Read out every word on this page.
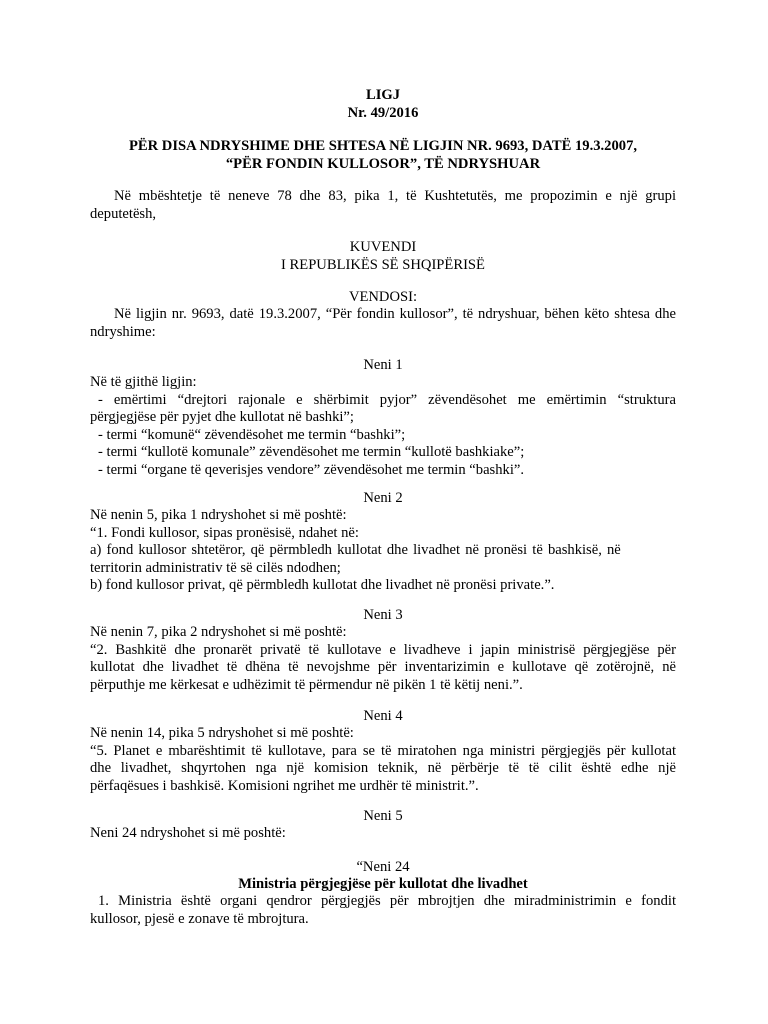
LIGJ
Nr. 49/2016
PËR DISA NDRYSHIME DHE SHTESA NË LIGJIN NR. 9693, DATË 19.3.2007,
“PËR FONDIN KULLOSOR”, TË NDRYSHUAR
Në mbështetje të neneve 78 dhe 83, pika 1, të Kushtetutës, me propozimin e një grupi
deputetësh,
KUVENDI
I REPUBLIKËS SË SHQIPËRISË
VENDOSI:
Në ligjin nr. 9693, datë 19.3.2007, “Për fondin kullosor”, të ndryshuar, bëhen këto shtesa dhe
ndryshime:
Neni 1
Në të gjithë ligjin:
- emërtimi “drejtori rajonale e shërbimit pyjor” zëvendësohet me emërtimin “struktura
përgjegjëse për pyjet dhe kullotat në bashki”;
- termi “komunë“ zëvendësohet me termin “bashki”;
- termi “kullotë komunale” zëvendësohet me termin “kullotë bashkiake”;
- termi “organe të qeverisjes vendore” zëvendësohet me termin “bashki”.
Neni 2
Në nenin 5, pika 1 ndryshohet si më poshtë:
“1. Fondi kullosor, sipas pronësisë, ndahet në:
a) fond kullosor shtetëror, që përmbledh kullotat dhe livadhet në pronësi të bashkisë, në
territorin administrativ të së cilës ndodhen;
b) fond kullosor privat, që përmbledh kullotat dhe livadhet në pronësi private.”.
Neni 3
Në nenin 7, pika 2 ndryshohet si më poshtë:
“2. Bashkitë dhe pronarët privatë të kullotave e livadheve i japin ministrisë përgjegjëse për
kullotat dhe livadhet të dhëna të nevojshme për inventarizimin e kullotave që zotërojnë, në
përputhje me kërkesat e udhëzimit të përmendur në pikën 1 të këtij neni.”.
Neni 4
Në nenin 14, pika 5 ndryshohet si më poshtë:
“5. Planet e mbarështimit të kullotave, para se të miratohen nga ministri përgjegjës për kullotat
dhe livadhet, shqyrtohen nga një komision teknik, në përbërje të të cilit është edhe një
përfaqësues i bashkisë. Komisioni ngrihet me urdhër të ministrit.”.
Neni 5
Neni 24 ndryshohet si më poshtë:
“Neni 24
Ministria përgjegjëse për kullotat dhe livadhet
1. Ministria është organi qendror përgjegjës për mbrojtjen dhe miradministrimin e fondit
kullosor, pjesë e zonave të mbrojtura.
